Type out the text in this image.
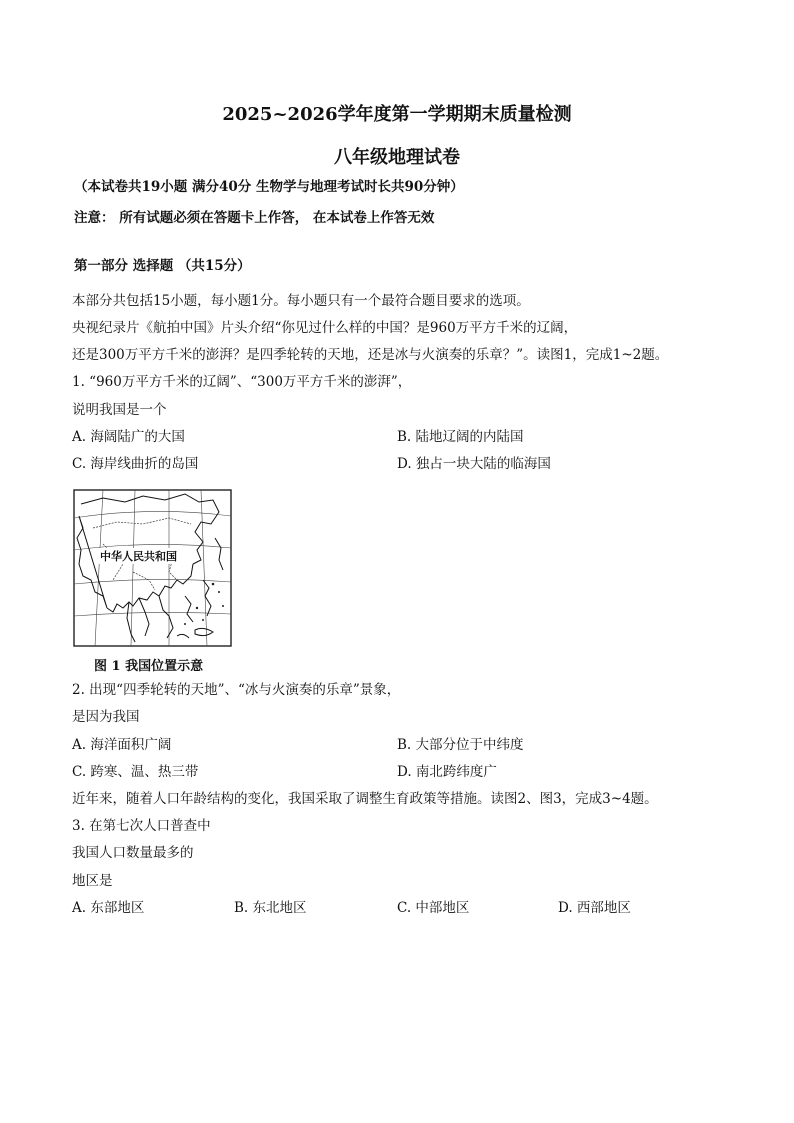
2025~2026学年度第一学期期末质量检测
八年级地理试卷
（本试卷共19小题 满分40分 生物学与地理考试时长共90分钟）
注意： 所有试题必须在答题卡上作答， 在本试卷上作答无效
第一部分 选择题 （共15分）
本部分共包括15小题，每小题1分。每小题只有一个最符合题目要求的选项。
央视纪录片《航拍中国》片头介绍“你见过什么样的中国？是960万平方千米的辽阔，
还是300万平方千米的澎湃？是四季轮转的天地，还是冰与火演奏的乐章？”。读图1，完成1~2题。
1. “960万平方千米的辽阔”、“300万平方千米的澎湃”，
说明我国是一个
A. 海阔陆广的大国	B. 陆地辽阔的内陆国
C. 海岸线曲折的岛国	D. 独占一块大陆的临海国
中华人民共和国
图 1 我国位置示意
2. 出现“四季轮转的天地”、“冰与火演奏的乐章”景象，
是因为我国
A. 海洋面积广阔	B. 大部分位于中纬度
C. 跨寒、温、热三带	D. 南北跨纬度广
近年来，随着人口年龄结构的变化，我国采取了调整生育政策等措施。读图2、图3，完成3~4题。
3. 在第七次人口普查中
我国人口数量最多的
地区是
A. 东部地区	B. 东北地区	C. 中部地区	D. 西部地区
